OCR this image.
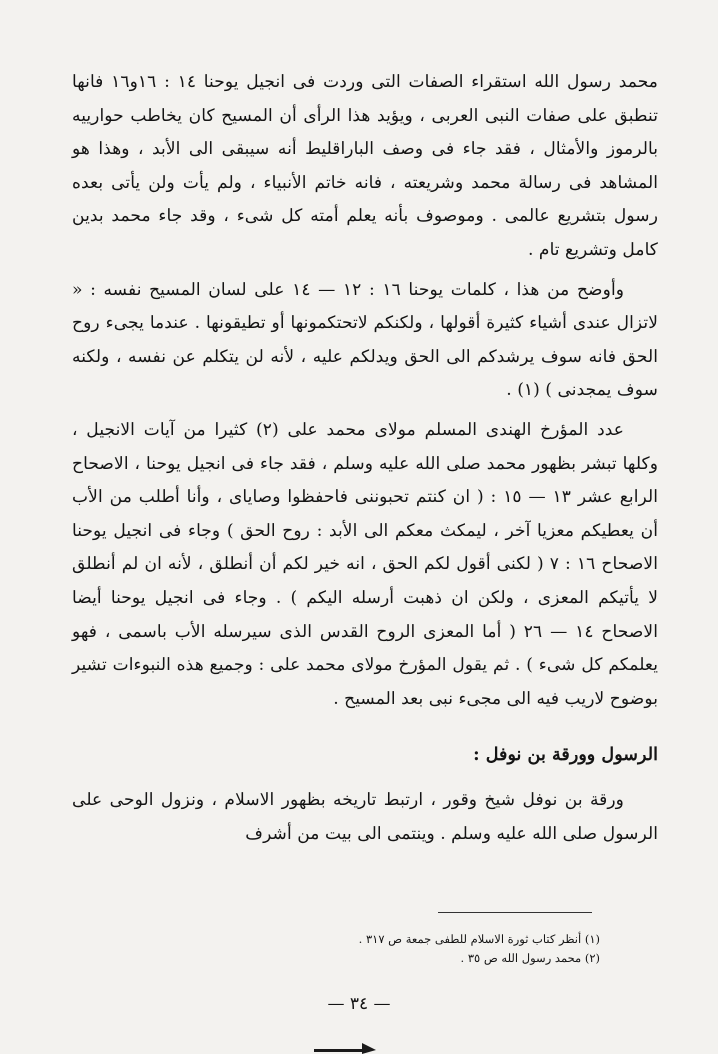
محمد رسول الله استقراء الصفات التى وردت فى انجيل يوحنا ١٤ : ١٦و١٦ فانها تنطبق على صفات النبى العربى ، ويؤيد هذا الرأى أن المسيح كان يخاطب حوارييه بالرموز والأمثال ، فقد جاء فى وصف الباراقليط أنه سيبقى الى الأبد ، وهذا هو المشاهد فى رسالة محمد وشريعته ، فانه خاتم الأنبياء ، ولم يأت ولن يأتى بعده رسول بتشريع عالمى . وموصوف بأنه يعلم أمته كل شىء ، وقد جاء محمد بدين كامل وتشريع تام .

وأوضح من هذا ، كلمات يوحنا ١٦ : ١٢ — ١٤ على لسان المسيح نفسه : « لاتزال عندى أشياء كثيرة أقولها ، ولكنكم لاتحتكمونها أو تطيقونها . عندما يجىء روح الحق فانه سوف يرشدكم الى الحق ويدلكم عليه ، لأنه لن يتكلم عن نفسه ، ولكنه سوف يمجدنى ) (١) .

عدد المؤرخ الهندى المسلم مولاى محمد على (٢) كثيرا من آيات الانجيل ، وكلها تبشر بظهور محمد صلى الله عليه وسلم ، فقد جاء فى انجيل يوحنا ، الاصحاح الرابع عشر ١٣ — ١٥ : ( ان كنتم تحبوننى فاحفظوا وصاياى ، وأنا أطلب من الأب أن يعطيكم معزيا آخر ، ليمكث معكم الى الأبد : روح الحق ) وجاء فى انجيل يوحنا الاصحاح ١٦ : ٧ ( لكنى أقول لكم الحق ، انه خير لكم أن أنطلق ، لأنه ان لم أنطلق لا يأتيكم المعزى ، ولكن ان ذهبت أرسله اليكم ) . وجاء فى انجيل يوحنا أيضا الاصحاح ١٤ — ٢٦ ( أما المعزى الروح القدس الذى سيرسله الأب باسمى ، فهو يعلمكم كل شىء ) . ثم يقول المؤرخ مولاى محمد على : وجميع هذه النبوءات تشير بوضوح لاريب فيه الى مجىء نبى بعد المسيح .

الرسول وورقة بن نوفل :

ورقة بن نوفل شيخ وقور ، ارتبط تاريخه بظهور الاسلام ، ونزول الوحى على الرسول صلى الله عليه وسلم . وينتمى الى بيت من أشرف

(١) أنظر كتاب ثورة الاسلام للطفى جمعة ص ٣١٧ .

(٢) محمد رسول الله ص ٣٥ .

— ٣٤ —
